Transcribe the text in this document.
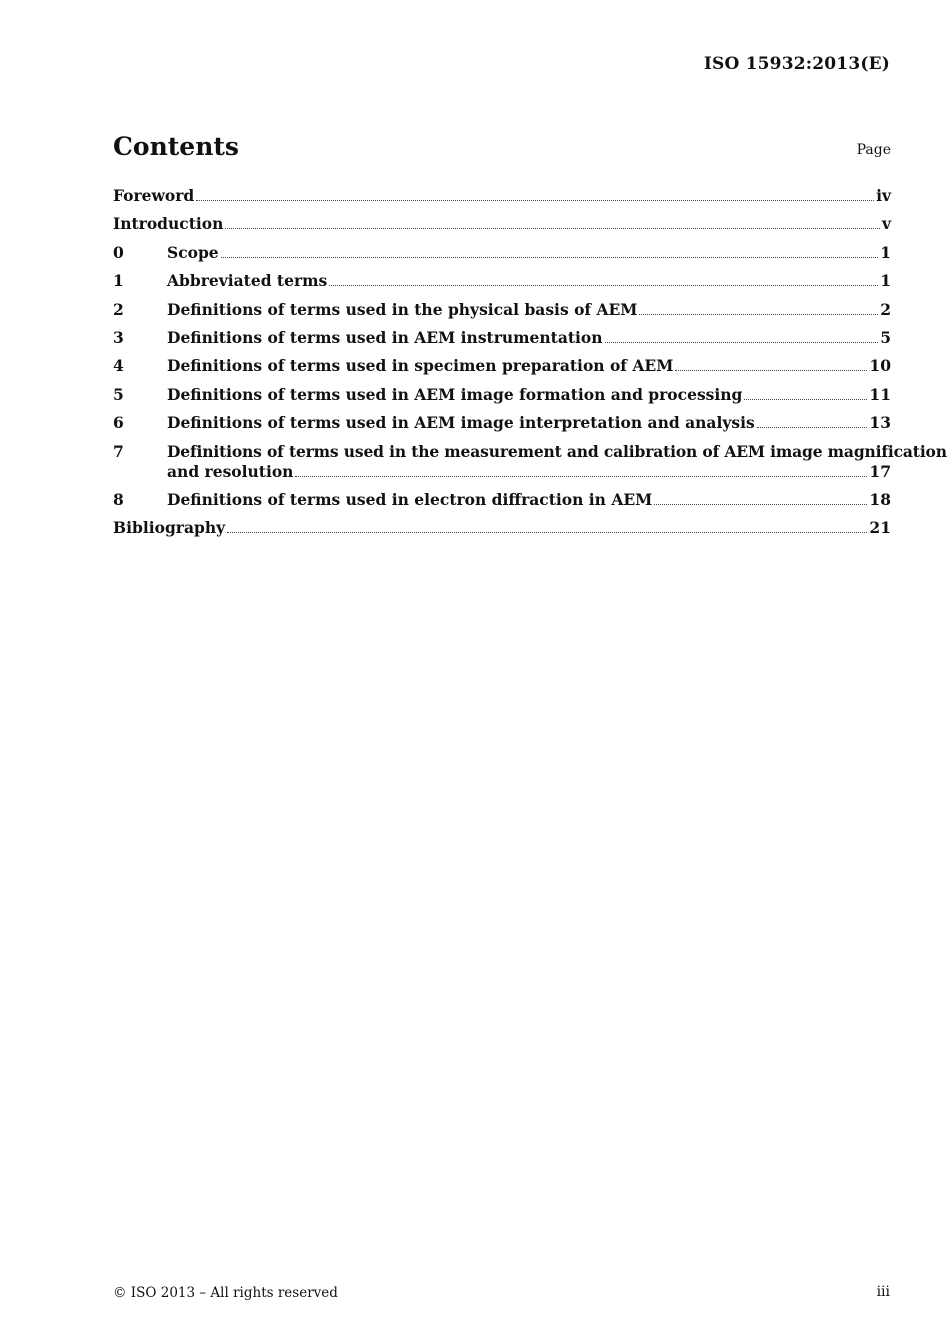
ISO 15932:2013(E)
Contents	Page
Foreword	iv
Introduction	v
0	Scope	1
1	Abbreviated terms	1
2	Definitions of terms used in the physical basis of AEM	2
3	Definitions of terms used in AEM instrumentation	5
4	Definitions of terms used in specimen preparation of AEM	10
5	Definitions of terms used in AEM image formation and processing	11
6	Definitions of terms used in AEM image interpretation and analysis	13
7	Definitions of terms used in the measurement and calibration of AEM image magnification
and resolution	17
8	Definitions of terms used in electron diffraction in AEM	18
Bibliography	21
© ISO 2013 – All rights reserved	iii
